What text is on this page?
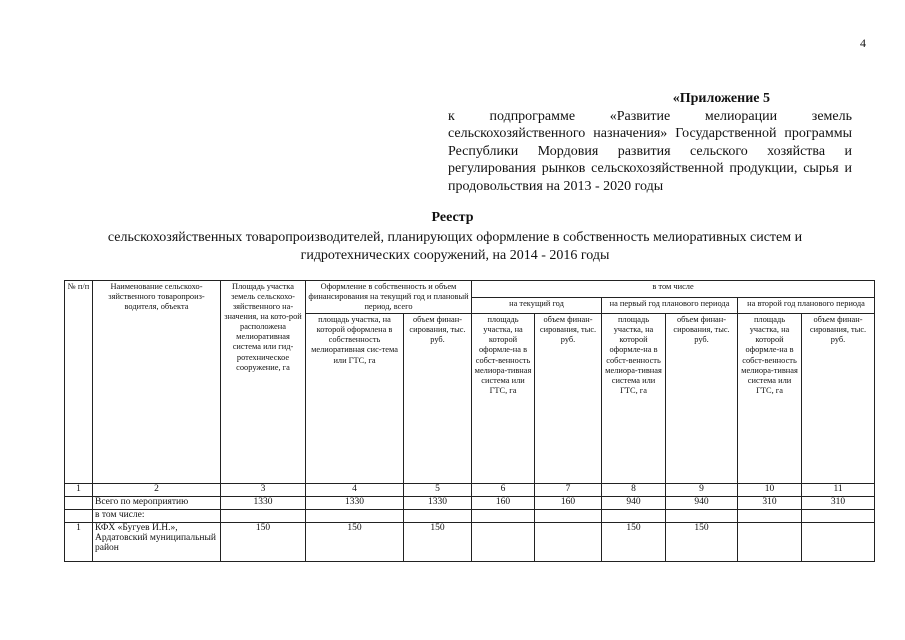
4
«Приложение 5
к подпрограмме «Развитие мелиорации земель сельскохозяйственного назначения» Государственной программы Республики Мордовия развития сельского хозяйства и регулирования рынков сельскохозяйственной продукции, сырья и продовольствия на 2013 - 2020 годы
Реестр
сельскохозяйственных товаропроизводителей, планирующих оформление в собственность мелиоративных систем и гидротехнических сооружений, на 2014 - 2016 годы
№ п/п	Наименование сельскохо-зяйственного товаропроиз-водителя, объекта	Площадь участка земель сельскохо-зяйственного на-значения, на кото-рой расположена мелиоративная система или гид-ротехническое сооружение, га	Оформление в собственность и объем финансирования на текущий год и плановый период, всего		в том числе					
					на текущий год		на первый год планового периода		на второй год планового периода	
			площадь участка, на которой оформлена в собственность мелиоративная сис-тема или ГТС, га	объем финан-сирования, тыс. руб.	площадь участка, на которой оформле-на в собст-венность мелиора-тивная система или ГТС, га	объем финан-сирования, тыс. руб.	площадь участка, на которой оформле-на в собст-венность мелиора-тивная система или ГТС, га	объем финан-сирования, тыс. руб.	площадь участка, на которой оформле-на в собст-венность мелиора-тивная система или ГТС, га	объем финан-сирования, тыс. руб.
1	2	3	4	5	6	7	8	9	10	11
	Всего по мероприятию	1330	1330	1330	160	160	940	940	310	310
	в том числе:									
1	КФХ «Бугуев И.Н.», Ардатовский муниципальный район	150	150	150			150	150		
